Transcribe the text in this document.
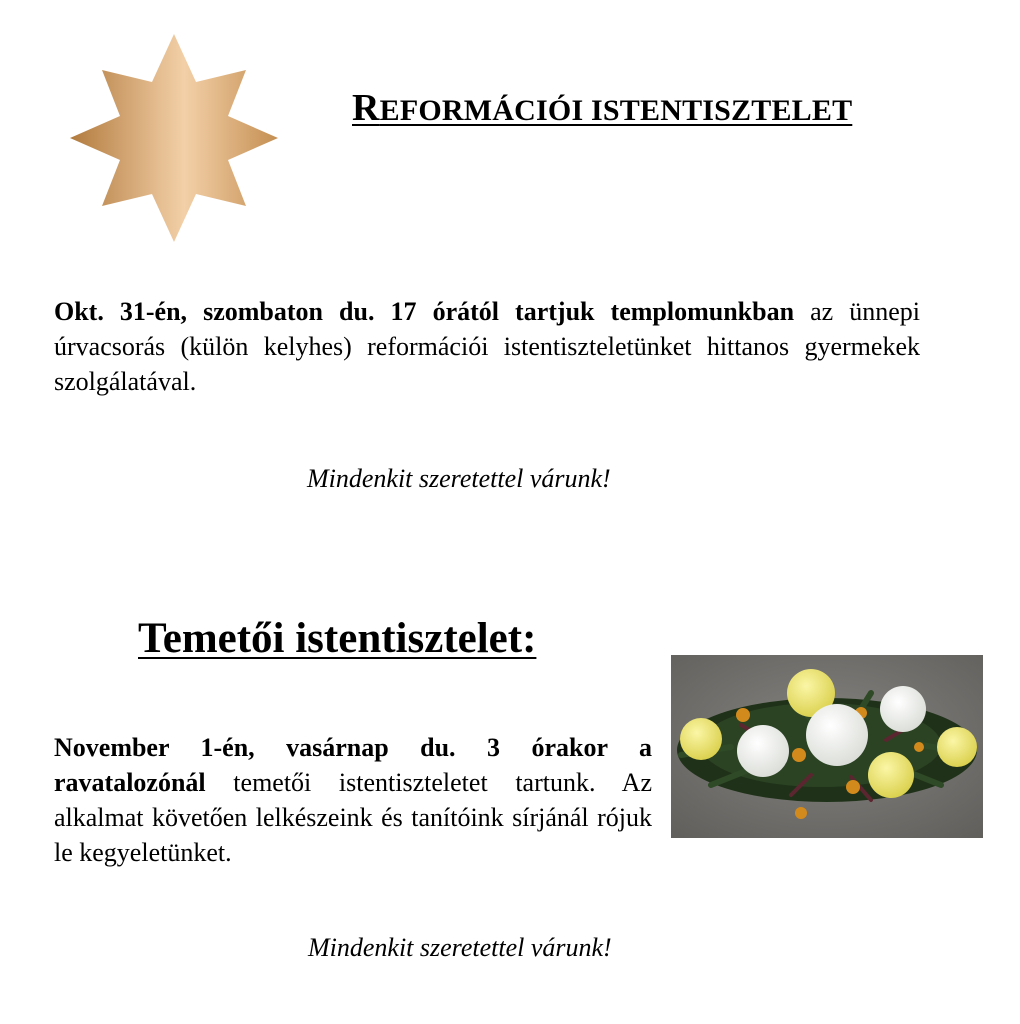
REFORMÁCIÓI ISTENTISZTELET

Okt. 31-én, szombaton du. 17 órától tartjuk templomunkban az ünnepi úrvacsorás (külön kelyhes) reformációi istentiszteletünket hittanos gyermekek szolgálatával.

Mindenkit szeretettel várunk!

Temetői istentisztelet:

November 1-én, vasárnap du. 3 órakor a ravatalozónál temetői istentiszteletet tartunk. Az alkalmat követően lelkészeink és tanítóink sírjánál rójuk le kegyeletünket.

Mindenkit szeretettel várunk!
